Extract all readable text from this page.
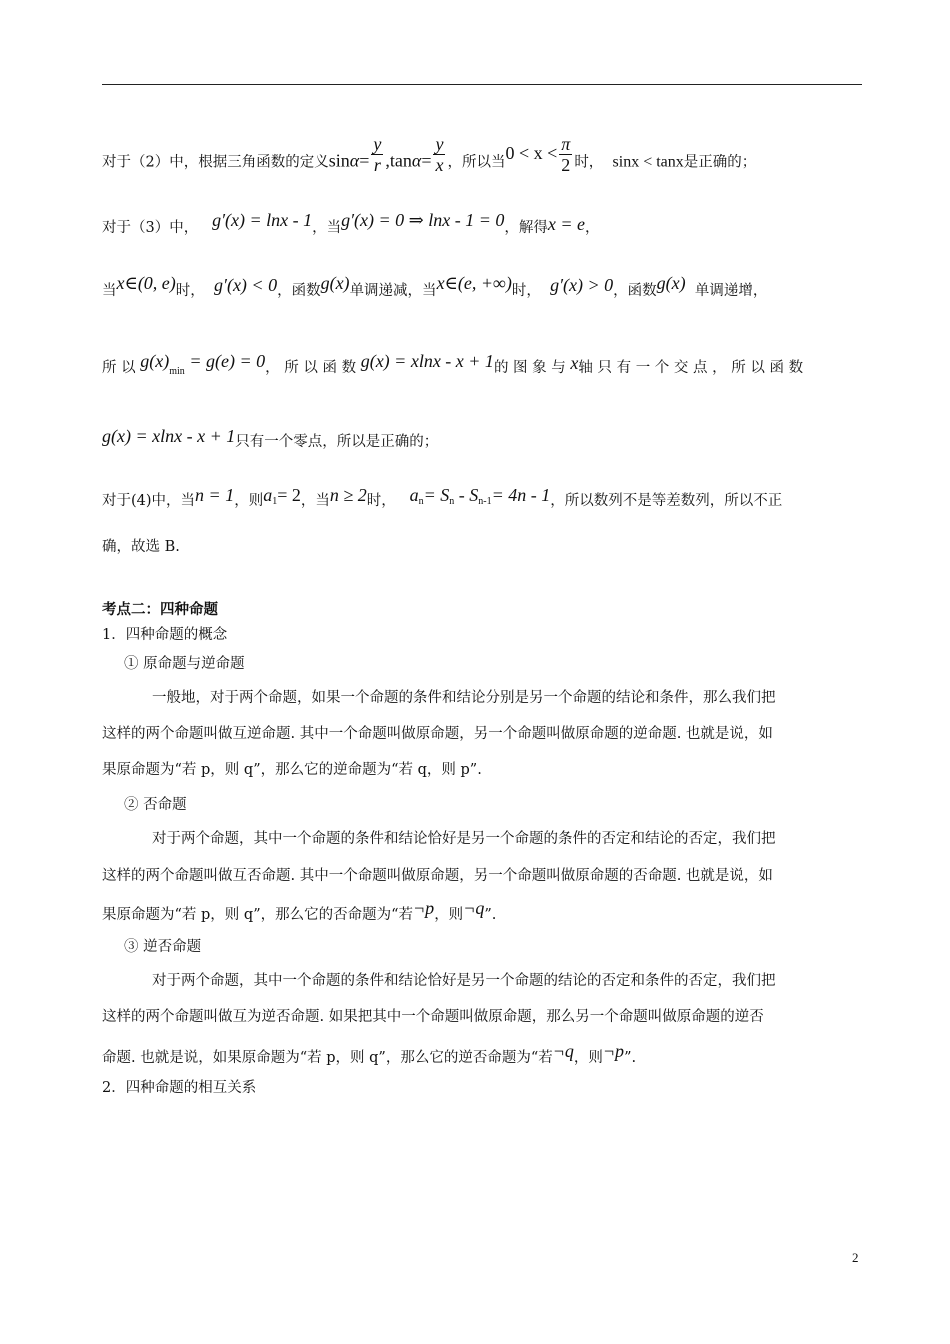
对于（2）中，根据三角函数的定义$\sin\alpha= \frac{y}{r} ,\tan\alpha= \frac{y}{x}$ ，所以当$0 < x < \frac{\pi}{2}$ 时， sinx < tanx是正确的；
对于（3）中， g′(x) = lnx - 1，当g′(x) = 0 ⇒ lnx - 1 = 0，解得x = e，
当x∈(0, e)时， g′(x) < 0，函数g(x)单调递减，当x∈(e, +∞)时， g′(x) > 0，函数g(x) 单调递增，
所 以 g(x)min = g(e) = 0， 所 以 函 数 g(x) = xlnx - x + 1的 图 象 与 x轴 只 有 一 个 交 点 ， 所 以 函 数
g(x) = xlnx - x + 1只有一个零点，所以是正确的；
对于(4)中，当n = 1，则a1= 2，当n ≥ 2时， an= Sn - Sn-1= 4n - 1，所以数列不是等差数列，所以不正
确，故选 B.
考点二：四种命题
1．四种命题的概念
① 原命题与逆命题
一般地，对于两个命题，如果一个命题的条件和结论分别是另一个命题的结论和条件，那么我们把
这样的两个命题叫做互逆命题. 其中一个命题叫做原命题，另一个命题叫做原命题的逆命题. 也就是说，如
果原命题为“若 p，则 q”，那么它的逆命题为“若 q，则 p”.
② 否命题
对于两个命题，其中一个命题的条件和结论恰好是另一个命题的条件的否定和结论的否定，我们把
这样的两个命题叫做互否命题. 其中一个命题叫做原命题，另一个命题叫做原命题的否命题. 也就是说，如
果原命题为“若 p，则 q”，那么它的否命题为“若¬p，则¬q”.
③ 逆否命题
对于两个命题，其中一个命题的条件和结论恰好是另一个命题的结论的否定和条件的否定，我们把
这样的两个命题叫做互为逆否命题. 如果把其中一个命题叫做原命题，那么另一个命题叫做原命题的逆否
命题. 也就是说，如果原命题为“若 p，则 q”，那么它的逆否命题为“若¬q，则¬p”.
2．四种命题的相互关系
2
